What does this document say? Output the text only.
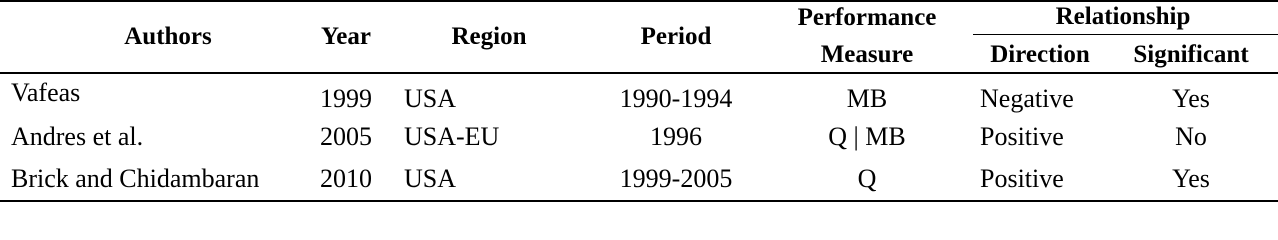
Authors	Year	Region	Period
Performance
Measure
Relationship
Direction Significant
Vafeas	1999 USA	1990-1994	MB	Negative	Yes
Andres et al.	2005 USA-EU	1996	Q | MB	Positive	No
Brick and Chidambaran 2010 USA	1999-2005	Q	Positive	Yes
